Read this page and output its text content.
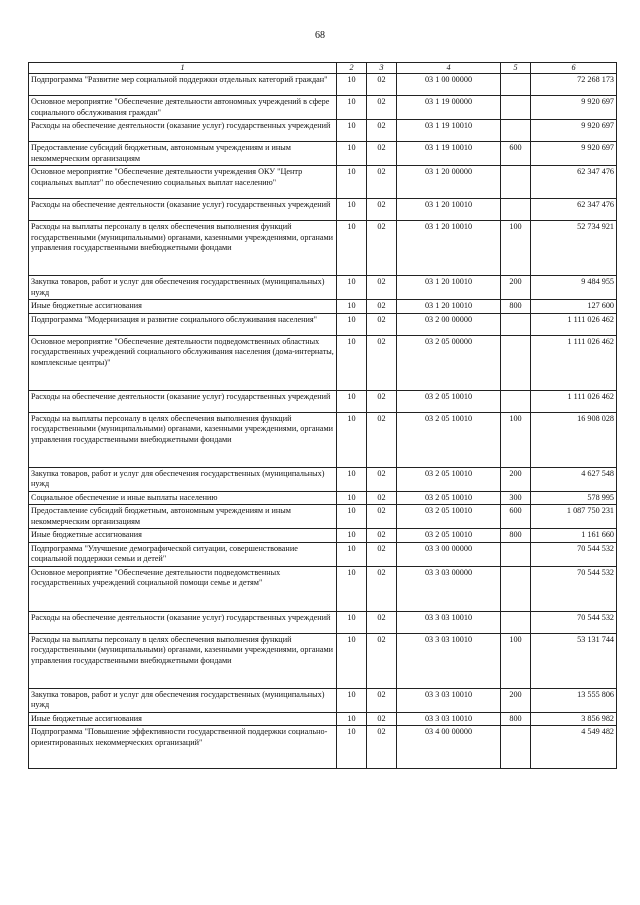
68
1	2	3	4	5	6
Подпрограмма "Развитие мер социальной поддержки отдельных категорий граждан"	10	02	03 1 00 00000		72 268 173
Основное мероприятие "Обеспечение деятельности автономных учреждений в сфере социального обслуживания граждан"	10	02	03 1 19 00000		9 920 697
Расходы на обеспечение деятельности (оказание услуг) государственных учреждений	10	02	03 1 19 10010		9 920 697
Предоставление субсидий бюджетным, автономным учреждениям и иным некоммерческим организациям	10	02	03 1 19 10010	600	9 920 697
Основное мероприятие "Обеспечение деятельности учреждения ОКУ "Центр социальных выплат" по обеспечению социальных выплат населению"	10	02	03 1 20 00000		62 347 476
Расходы на обеспечение деятельности (оказание услуг) государственных учреждений	10	02	03 1 20 10010		62 347 476
Расходы на выплаты персоналу в целях обеспечения выполнения функций государственными (муниципальными) органами, казенными учреждениями, органами управления государственными внебюджетными фондами	10	02	03 1 20 10010	100	52 734 921
Закупка товаров, работ и услуг для обеспечения государственных (муниципальных) нужд	10	02	03 1 20 10010	200	9 484 955
Иные бюджетные ассигнования	10	02	03 1 20 10010	800	127 600
Подпрограмма "Модернизация и развитие социального обслуживания населения"	10	02	03 2 00 00000		1 111 026 462
Основное мероприятие "Обеспечение деятельности подведомственных областных государственных учреждений социального обслуживания населения (дома-интернаты, комплексные центры)"	10	02	03 2 05 00000		1 111 026 462
Расходы на обеспечение деятельности (оказание услуг) государственных учреждений	10	02	03 2 05 10010		1 111 026 462
Расходы на выплаты персоналу в целях обеспечения выполнения функций государственными (муниципальными) органами, казенными учреждениями, органами управления государственными внебюджетными фондами	10	02	03 2 05 10010	100	16 908 028
Закупка товаров, работ и услуг для обеспечения государственных (муниципальных) нужд	10	02	03 2 05 10010	200	4 627 548
Социальное обеспечение и иные выплаты населению	10	02	03 2 05 10010	300	578 995
Предоставление субсидий бюджетным, автономным учреждениям и иным некоммерческим организациям	10	02	03 2 05 10010	600	1 087 750 231
Иные бюджетные ассигнования	10	02	03 2 05 10010	800	1 161 660
Подпрограмма "Улучшение демографической ситуации, совершенствование социальной поддержки семьи и детей"	10	02	03 3 00 00000		70 544 532
Основное мероприятие "Обеспечение деятельности подведомственных государственных учреждений социальной помощи семье и детям"	10	02	03 3 03 00000		70 544 532
Расходы на обеспечение деятельности (оказание услуг) государственных учреждений	10	02	03 3 03 10010		70 544 532
Расходы на выплаты персоналу в целях обеспечения выполнения функций государственными (муниципальными) органами, казенными учреждениями, органами управления государственными внебюджетными фондами	10	02	03 3 03 10010	100	53 131 744
Закупка товаров, работ и услуг для обеспечения государственных (муниципальных) нужд	10	02	03 3 03 10010	200	13 555 806
Иные бюджетные ассигнования	10	02	03 3 03 10010	800	3 856 982
Подпрограмма "Повышение эффективности государственной поддержки социально-ориентированных некоммерческих организаций"	10	02	03 4 00 00000		4 549 482
